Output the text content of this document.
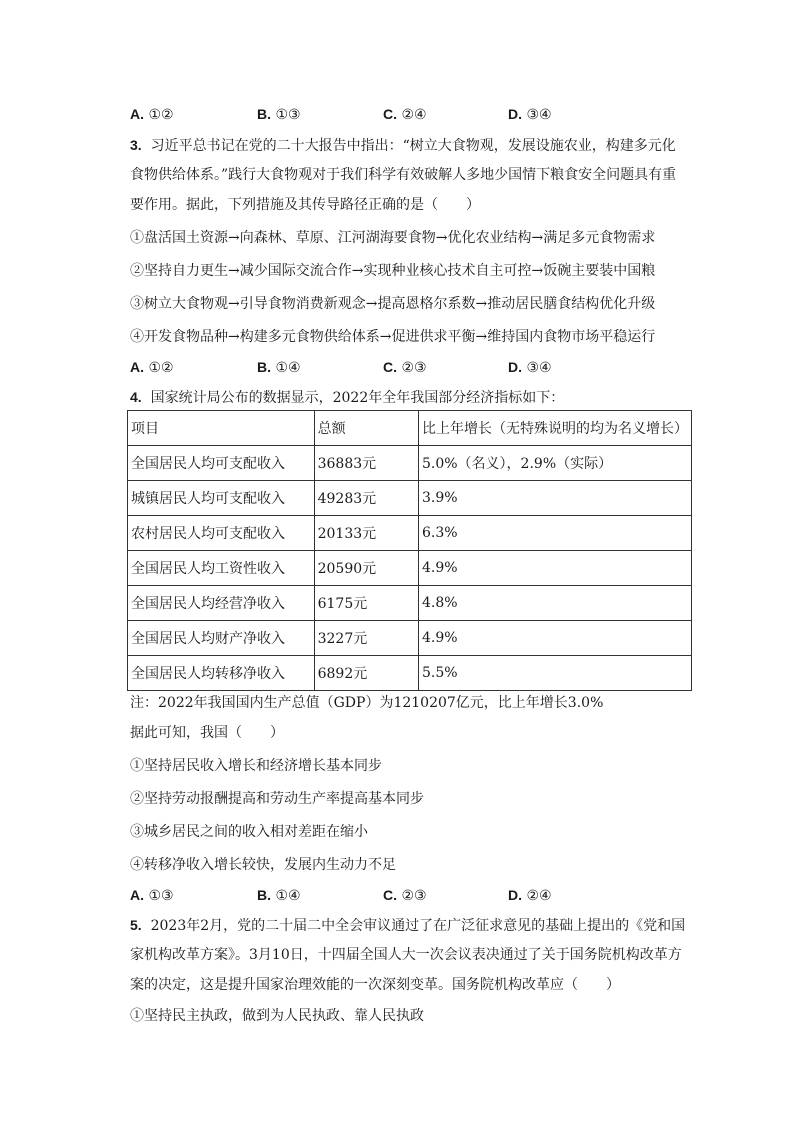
A. ①②	B. ①③	C. ②④	D. ③④
3. 习近平总书记在党的二十大报告中指出：“树立大食物观，发展设施农业，构建多元化
食物供给体系。”践行大食物观对于我们科学有效破解人多地少国情下粮食安全问题具有重
要作用。据此，下列措施及其传导路径正确的是（　　）
①盘活国土资源→向森林、草原、江河湖海要食物→优化农业结构→满足多元食物需求
②坚持自力更生→减少国际交流合作→实现种业核心技术自主可控→饭碗主要装中国粮
③树立大食物观→引导食物消费新观念→提高恩格尔系数→推动居民膳食结构优化升级
④开发食物品种→构建多元食物供给体系→促进供求平衡→维持国内食物市场平稳运行
A. ①②	B. ①④	C. ②③	D. ③④
4. 国家统计局公布的数据显示，2022年全年我国部分经济指标如下：
项目	总额	比上年增长（无特殊说明的均为名义增长）
全国居民人均可支配收入	36883元	5.0%（名义），2.9%（实际）
城镇居民人均可支配收入	49283元	3.9%
农村居民人均可支配收入	20133元	6.3%
全国居民人均工资性收入	20590元	4.9%
全国居民人均经营净收入	6175元	4.8%
全国居民人均财产净收入	3227元	4.9%
全国居民人均转移净收入	6892元	5.5%
注：2022年我国国内生产总值（GDP）为1210207亿元，比上年增长3.0%
据此可知，我国（　　）
①坚持居民收入增长和经济增长基本同步
②坚持劳动报酬提高和劳动生产率提高基本同步
③城乡居民之间的收入相对差距在缩小
④转移净收入增长较快，发展内生动力不足
A. ①③	B. ①④	C. ②③	D. ②④
5. 2023年2月，党的二十届二中全会审议通过了在广泛征求意见的基础上提出的《党和国
家机构改革方案》。3月10日，十四届全国人大一次会议表决通过了关于国务院机构改革方
案的决定，这是提升国家治理效能的一次深刻变革。国务院机构改革应（　　）
①坚持民主执政，做到为人民执政、靠人民执政
